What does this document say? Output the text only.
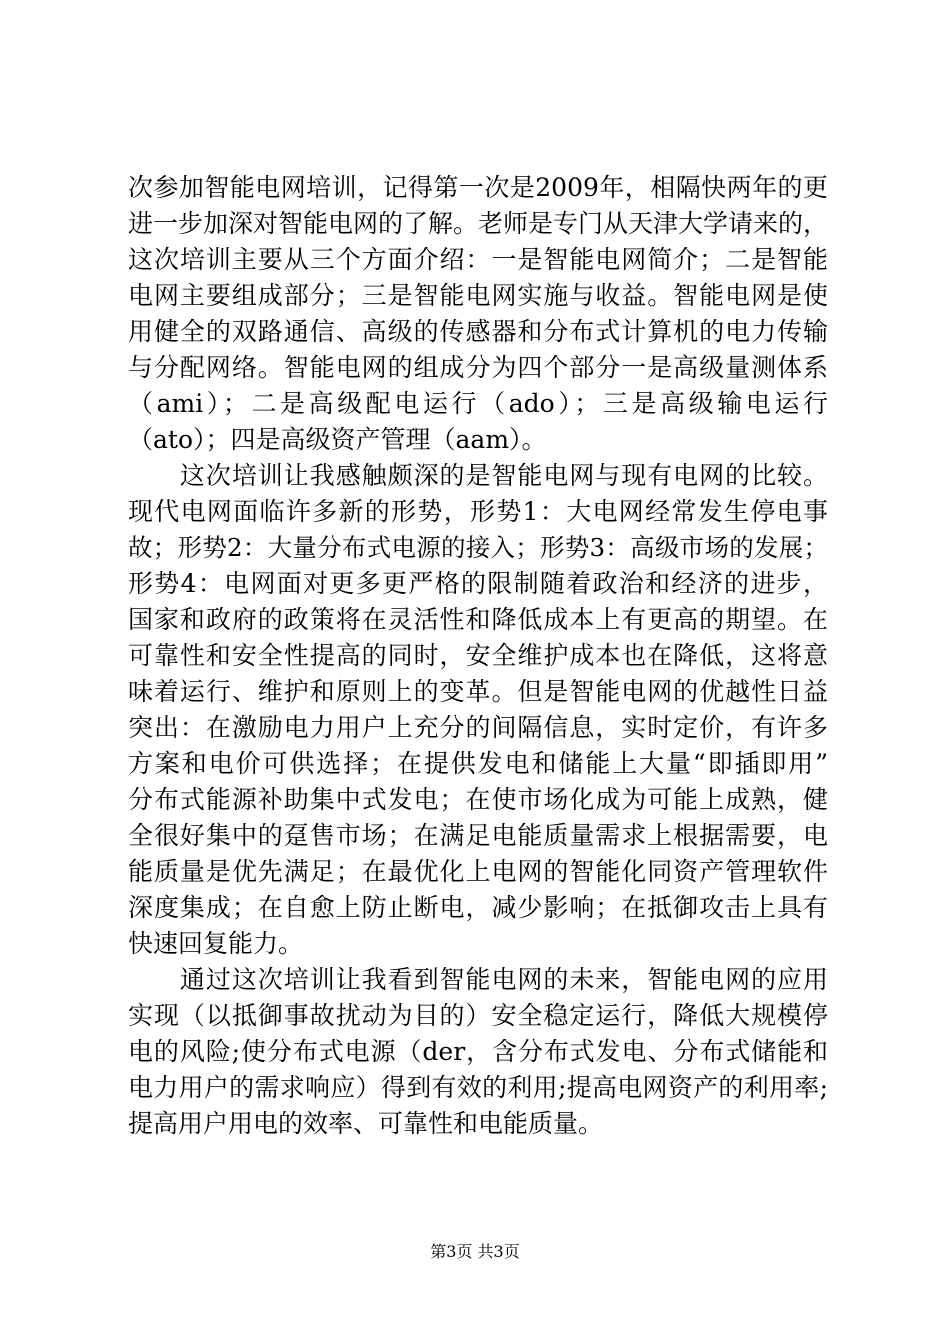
次参加智能电网培训，记得第一次是2009年，相隔快两年的更
进一步加深对智能电网的了解。老师是专门从天津大学请来的，
这次培训主要从三个方面介绍：一是智能电网简介；二是智能
电网主要组成部分；三是智能电网实施与收益。智能电网是使
用健全的双路通信、高级的传感器和分布式计算机的电力传输
与分配网络。智能电网的组成分为四个部分一是高级量测体系
（ami）；二是高级配电运行（ado）；三是高级输电运行
（ato）；四是高级资产管理（aam）。
　　这次培训让我感触颇深的是智能电网与现有电网的比较。
现代电网面临许多新的形势，形势1：大电网经常发生停电事
故；形势2：大量分布式电源的接入；形势3：高级市场的发展；
形势4：电网面对更多更严格的限制随着政治和经济的进步，
国家和政府的政策将在灵活性和降低成本上有更高的期望。在
可靠性和安全性提高的同时，安全维护成本也在降低，这将意
味着运行、维护和原则上的变革。但是智能电网的优越性日益
突出：在激励电力用户上充分的间隔信息，实时定价，有许多
方案和电价可供选择；在提供发电和储能上大量“即插即用”
分布式能源补助集中式发电；在使市场化成为可能上成熟，健
全很好集中的趸售市场；在满足电能质量需求上根据需要，电
能质量是优先满足；在最优化上电网的智能化同资产管理软件
深度集成；在自愈上防止断电，减少影响；在抵御攻击上具有
快速回复能力。
　　通过这次培训让我看到智能电网的未来，智能电网的应用
实现（以抵御事故扰动为目的）安全稳定运行，降低大规模停
电的风险;使分布式电源（der，含分布式发电、分布式储能和
电力用户的需求响应）得到有效的利用;提高电网资产的利用率;
提高用户用电的效率、可靠性和电能质量。
第3页 共3页
